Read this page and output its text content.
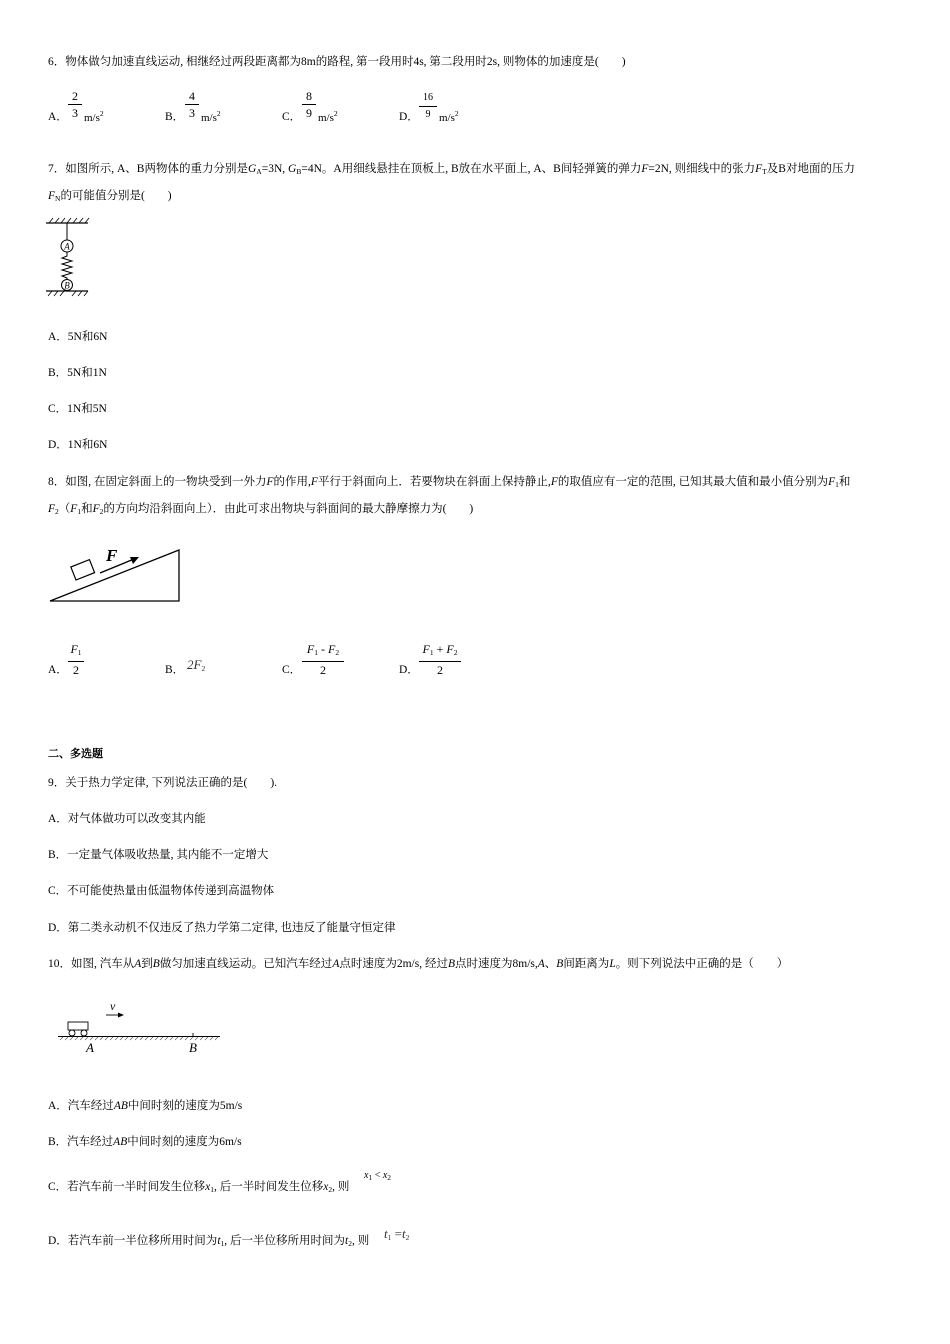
6．物体做匀加速直线运动, 相继经过两段距离都为8m的路程, 第一段用时4s, 第二段用时2s, 则物体的加速度是(　　)
A．
2
3 $m/s^2$	B．
4
3 $m/s^2$	C．
8
9 $m/s^2$	D．
16
9 $m/s^2$
7．如图所示, A、B两物体的重力分别是$G_A=3N$, $G_B=4N$。A用细线悬挂在顶板上, B放在水平面上, A、B间轻弹簧的弹力F=2N, 则细线中的张力$F_T$及B对地面的压力
$F_N$的可能值分别是(　　)
A
B
A．5N和6N
B．5N和1N
C．1N和5N
D．1N和6N
8．如图, 在固定斜面上的一物块受到一外力F的作用,F平行于斜面向上．若要物块在斜面上保持静止,F的取值应有一定的范围, 已知其最大值和最小值分别为$F_1$和
$F_2(F_1$和$F_2$的方向均沿斜面向上）．由此可求出物块与斜面间的最大静摩擦力为(　　)
F
A．
$F_1$
2	B． $2F_2$	C．
$F_1 - F_2$
2	D．
$F_1 + F_2$
2
二、多选题
9．关于热力学定律, 下列说法正确的是(　　).
A．对气体做功可以改变其内能
B．一定量气体吸收热量, 其内能不一定增大
C．不可能使热量由低温物体传递到高温物体
D．第二类永动机不仅违反了热力学第二定律, 也违反了能量守恒定律
10．如图, 汽车从A到B做匀加速直线运动。已知汽车经过A点时速度为2m/s, 经过B点时速度为8m/s,A、B间距离为L。则下列说法中正确的是（　　）
v
A	B
A．汽车经过AB中间时刻的速度为5m/s
B．汽车经过AB中间时刻的速度为6m/s
C．若汽车前一半时间发生位移$x_1$, 后一半时间发生位移$x_2$, 则
$x_1 < x_2$
D．若汽车前一半位移所用时间为$t_1$, 后一半位移所用时间为$t_2$, 则 $t_1 =t_2$
